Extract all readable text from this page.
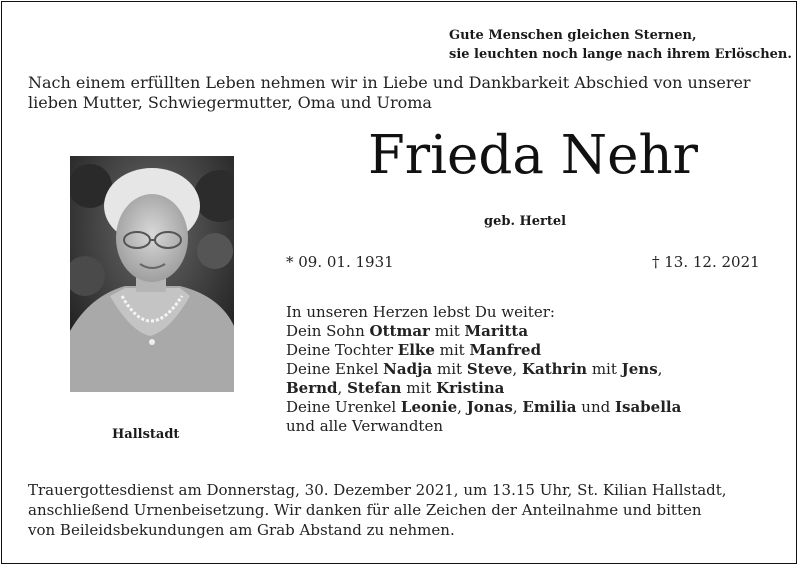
Gute Menschen gleichen Sternen,
sie leuchten noch lange nach ihrem Erlöschen.
Nach einem erfüllten Leben nehmen wir in Liebe und Dankbarkeit Abschied von unserer
lieben Mutter, Schwiegermutter, Oma und Uroma
Frieda Nehr
geb. Hertel
* 09. 01. 1931	† 13. 12. 2021
Hallstadt
In unseren Herzen lebst Du weiter:
Dein Sohn Ottmar mit Maritta
Deine Tochter Elke mit Manfred
Deine Enkel Nadja mit Steve, Kathrin mit Jens,
Bernd, Stefan mit Kristina
Deine Urenkel Leonie, Jonas, Emilia und Isabella
und alle Verwandten
Trauergottesdienst am Donnerstag, 30. Dezember 2021, um 13.15 Uhr, St. Kilian Hallstadt,
anschließend Urnenbeisetzung. Wir danken für alle Zeichen der Anteilnahme und bitten
von Beileidsbekundungen am Grab Abstand zu nehmen.
